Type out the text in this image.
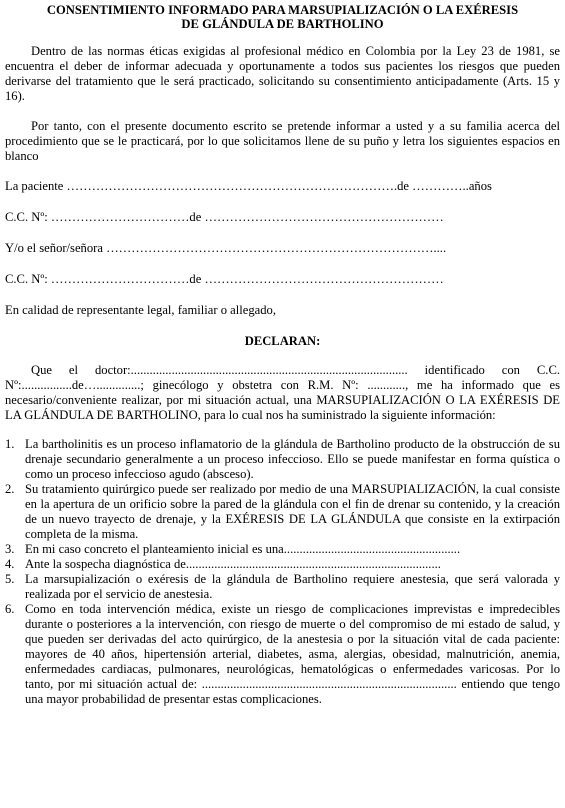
CONSENTIMIENTO INFORMADO PARA MARSUPIALIZACIÓN O LA EXÉRESIS

DE GLÁNDULA DE BARTHOLINO

Dentro de las normas éticas exigidas al profesional médico en Colombia por la Ley 23 de 1981, se encuentra el deber de informar adecuada y oportunamente a todos sus pacientes los riesgos que pueden derivarse del tratamiento que le será practicado, solicitando su consentimiento anticipadamente (Arts. 15 y 16).

Por tanto, con el presente documento escrito se pretende informar a usted y a su familia acerca del procedimiento que se le practicará, por lo que solicitamos llene de su puño y letra los siguientes espacios en blanco

La paciente …………………………………………………………………….de …………..años

C.C. Nº: ……………………………de …………………………………………………

Y/o el señor/señora ……………………………………………………………………....

C.C. Nº: ……………………………de …………………………………………………

En calidad de representante legal, familiar o allegado,

DECLARAN:

Que el doctor:........................................................................................ identificado con C.C. Nº:................de…..............; ginecólogo y obstetra con R.M. Nº: ............, me ha informado que es necesario/conveniente realizar, por mi situación actual, una MARSUPIALIZACIÓN O LA EXÉRESIS DE LA GLÁNDULA DE BARTHOLINO, para lo cual nos ha suministrado la siguiente información:

1. La bartholinitis es un proceso inflamatorio de la glándula de Bartholino producto de la obstrucción de su drenaje secundario generalmente a un proceso infeccioso. Ello se puede manifestar en forma quística o como un proceso infeccioso agudo (absceso).
2. Su tratamiento quirúrgico puede ser realizado por medio de una MARSUPIALIZACIÓN, la cual consiste en la apertura de un orificio sobre la pared de la glándula con el fin de drenar su contenido, y la creación de un nuevo trayecto de drenaje, y la EXÉRESIS DE LA GLÁNDULA que consiste en la extirpación completa de la misma.
3. En mi caso concreto el planteamiento inicial es una........................................................
4. Ante la sospecha diagnóstica de.................................................................................
5. La marsupialización o exéresis de la glándula de Bartholino requiere anestesia, que será valorada y realizada por el servicio de anestesia.
6. Como en toda intervención médica, existe un riesgo de complicaciones imprevistas e impredecibles durante o posteriores a la intervención, con riesgo de muerte o del compromiso de mi estado de salud, y que pueden ser derivadas del acto quirúrgico, de la anestesia o por la situación vital de cada paciente: mayores de 40 años, hipertensión arterial, diabetes, asma, alergias, obesidad, malnutrición, anemia, enfermedades cardiacas, pulmonares, neurológicas, hematológicas o enfermedades varicosas. Por lo tanto, por mi situación actual de: ................................................................................. entiendo que tengo una mayor probabilidad de presentar estas complicaciones.
